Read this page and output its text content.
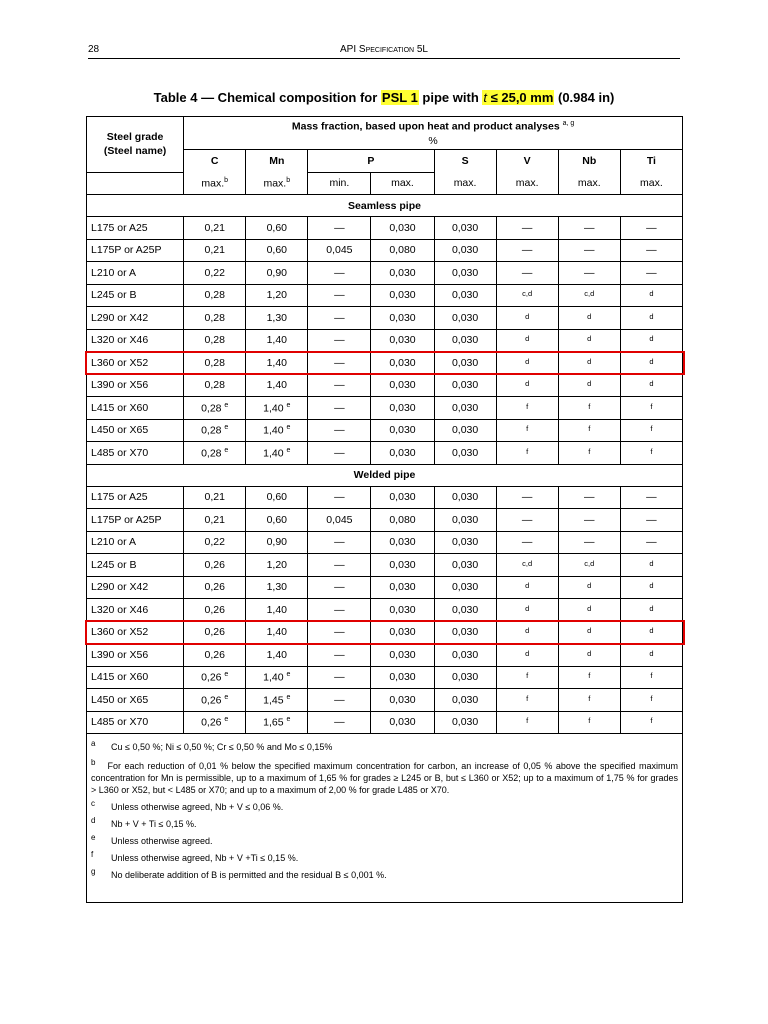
28	API Specification 5L
Table 4 — Chemical composition for PSL 1 pipe with t ≤ 25,0 mm (0.984 in)
Steel grade
(Steel name)	Mass fraction, based upon heat and product analyses $^{a, g}$
	%							
	C	Mn	P		S	V	Nb	Ti
	max.$^b$	max.$^b$	min.	max.	max.	max.	max.	max.
Seamless pipe								
L175 or A25	0,21	0,60	—	0,030	0,030	—	—	—
L175P or A25P	0,21	0,60	0,045	0,080	0,030	—	—	—
L210 or A	0,22	0,90	—	0,030	0,030	—	—	—
L245 or B	0,28	1,20	—	0,030	0,030	$^{c,d}$	$^{c,d}$	$^d$
L290 or X42	0,28	1,30	—	0,030	0,030	$^d$	$^d$	$^d$
L320 or X46	0,28	1,40	—	0,030	0,030	$^d$	$^d$	$^d$
L360 or X52	0,28	1,40	—	0,030	0,030	$^d$	$^d$	$^d$
L390 or X56	0,28	1,40	—	0,030	0,030	$^d$	$^d$	$^d$
L415 or X60	0,28 $^e$	1,40 $^e$	—	0,030	0,030	$^f$	$^f$	$^f$
L450 or X65	0,28 $^e$	1,40 $^e$	—	0,030	0,030	$^f$	$^f$	$^f$
L485 or X70	0,28 $^e$	1,40 $^e$	—	0,030	0,030	$^f$	$^f$	$^f$
Welded pipe								
L175 or A25	0,21	0,60	—	0,030	0,030	—	—	—
L175P or A25P	0,21	0,60	0,045	0,080	0,030	—	—	—
L210 or A	0,22	0,90	—	0,030	0,030	—	—	—
L245 or B	0,26	1,20	—	0,030	0,030	$^{c,d}$	$^{c,d}$	$^d$
L290 or X42	0,26	1,30	—	0,030	0,030	$^d$	$^d$	$^d$
L320 or X46	0,26	1,40	—	0,030	0,030	$^d$	$^d$	$^d$
L360 or X52	0,26	1,40	—	0,030	0,030	$^d$	$^d$	$^d$
L390 or X56	0,26	1,40	—	0,030	0,030	$^d$	$^d$	$^d$
L415 or X60	0,26 $^e$	1,40 $^e$	—	0,030	0,030	$^f$	$^f$	$^f$
L450 or X65	0,26 $^e$	1,45 $^e$	—	0,030	0,030	$^f$	$^f$	$^f$
L485 or X70	0,26 $^e$	1,65 $^e$	—	0,030	0,030	$^f$	$^f$	$^f$
a Cu ≤ 0,50 %; Ni ≤ 0,50 %; Cr ≤ 0,50 % and Mo ≤ 0,15%
b For each reduction of 0,01 % below the specified maximum concentration for carbon, an increase of 0,05 % above the specified maximum concentration for Mn is permissible, up to a maximum of 1,65 % for grades ≥ L245 or B, but ≤ L360 or X52; up to a maximum of 1,75 % for grades > L360 or X52, but < L485 or X70; and up to a maximum of 2,00 % for grade L485 or X70.
c Unless otherwise agreed, Nb + V ≤ 0,06 %.
d Nb + V + Ti ≤ 0,15 %.
e Unless otherwise agreed.
f Unless otherwise agreed, Nb + V +Ti ≤ 0,15 %.
g No deliberate addition of B is permitted and the residual B ≤ 0,001 %.
